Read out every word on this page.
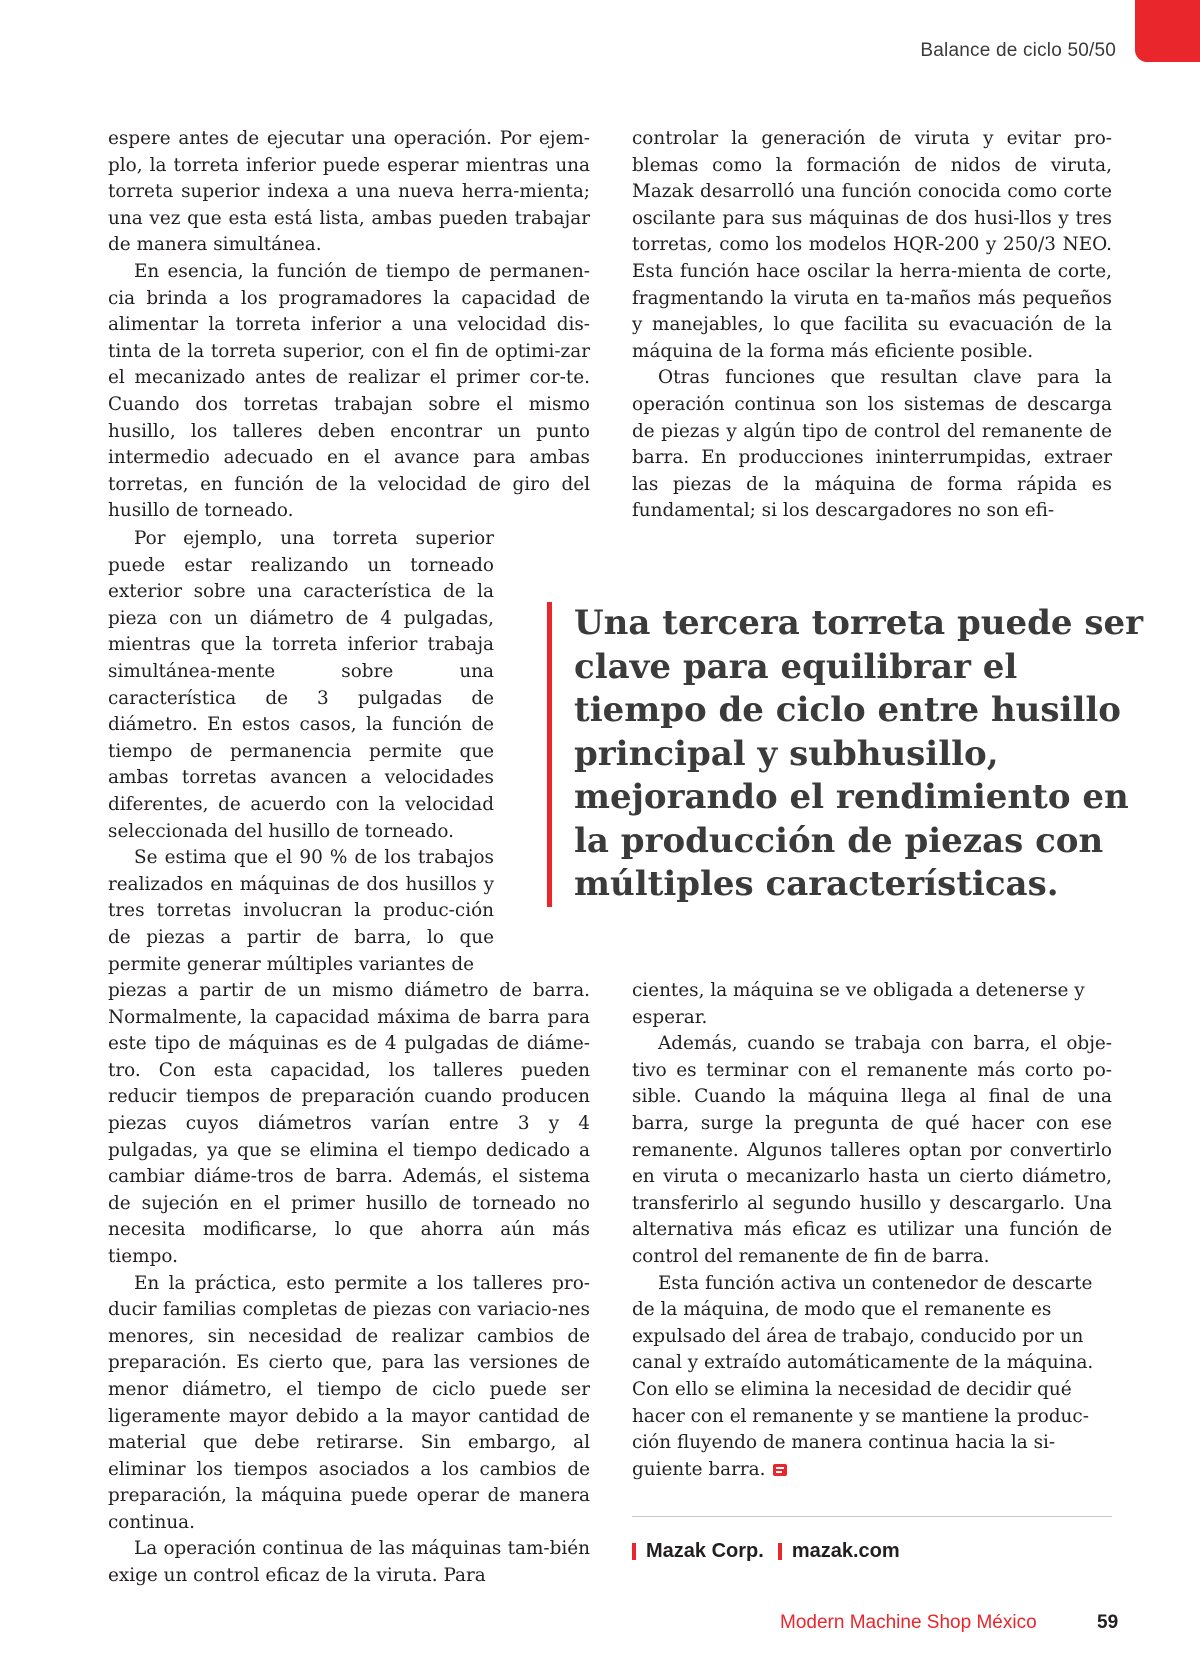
Balance de ciclo 50/50

espere antes de ejecutar una operación. Por ejem-plo, la torreta inferior puede esperar mientras una torreta superior indexa a una nueva herra-mienta; una vez que esta está lista, ambas pueden trabajar de manera simultánea.

En esencia, la función de tiempo de permanen-cia brinda a los programadores la capacidad de alimentar la torreta inferior a una velocidad dis-tinta de la torreta superior, con el fin de optimi-zar el mecanizado antes de realizar el primer cor-te. Cuando dos torretas trabajan sobre el mismo husillo, los talleres deben encontrar un punto intermedio adecuado en el avance para ambas torretas, en función de la velocidad de giro del husillo de torneado.

Por ejemplo, una torreta superior puede estar realizando un torneado exterior sobre una característica de la pieza con un diámetro de 4 pulgadas, mientras que la torreta inferior trabaja simultánea-mente sobre una característica de 3 pulgadas de diámetro. En estos casos, la función de tiempo de permanencia permite que ambas torretas avancen a velocidades diferentes, de acuerdo con la velocidad seleccionada del husillo de torneado.

Se estima que el 90 % de los trabajos realizados en máquinas de dos husillos y tres torretas involucran la produc-ción de piezas a partir de barra, lo que permite generar múltiples variantes de

piezas a partir de un mismo diámetro de barra. Normalmente, la capacidad máxima de barra para este tipo de máquinas es de 4 pulgadas de diáme-tro. Con esta capacidad, los talleres pueden reducir tiempos de preparación cuando producen piezas cuyos diámetros varían entre 3 y 4 pulgadas, ya que se elimina el tiempo dedicado a cambiar diáme-tros de barra. Además, el sistema de sujeción en el primer husillo de torneado no necesita modificarse, lo que ahorra aún más tiempo.

En la práctica, esto permite a los talleres pro-ducir familias completas de piezas con variacio-nes menores, sin necesidad de realizar cambios de preparación. Es cierto que, para las versiones de menor diámetro, el tiempo de ciclo puede ser ligeramente mayor debido a la mayor cantidad de material que debe retirarse. Sin embargo, al eliminar los tiempos asociados a los cambios de preparación, la máquina puede operar de manera continua.

La operación continua de las máquinas tam-bién exige un control eficaz de la viruta. Para

controlar la generación de viruta y evitar pro-blemas como la formación de nidos de viruta, Mazak desarrolló una función conocida como corte oscilante para sus máquinas de dos husi-llos y tres torretas, como los modelos HQR-200 y 250/3 NEO. Esta función hace oscilar la herra-mienta de corte, fragmentando la viruta en ta-maños más pequeños y manejables, lo que facilita su evacuación de la máquina de la forma más eficiente posible.

Otras funciones que resultan clave para la operación continua son los sistemas de descarga de piezas y algún tipo de control del remanente de barra. En producciones ininterrumpidas, extraer las piezas de la máquina de forma rápida es fundamental; si los descargadores no son efi-

Una tercera torreta puede ser clave para equilibrar el tiempo de ciclo entre husillo principal y subhusillo, mejorando el rendimiento en la producción de piezas con múltiples características.

cientes, la máquina se ve obligada a detenerse y esperar.

Además, cuando se trabaja con barra, el obje-tivo es terminar con el remanente más corto po-sible. Cuando la máquina llega al final de una barra, surge la pregunta de qué hacer con ese remanente. Algunos talleres optan por convertirlo en viruta o mecanizarlo hasta un cierto diámetro, transferirlo al segundo husillo y descargarlo. Una alternativa más eficaz es utilizar una función de control del remanente de fin de barra.

Esta función activa un contenedor de descarte de la máquina, de modo que el remanente es expulsado del área de trabajo, conducido por un canal y extraído automáticamente de la máquina. Con ello se elimina la necesidad de decidir qué hacer con el remanente y se mantiene la produc-ción fluyendo de manera continua hacia la si-guiente barra.

Mazak Corp. mazak.com
Modern Machine Shop México	59
